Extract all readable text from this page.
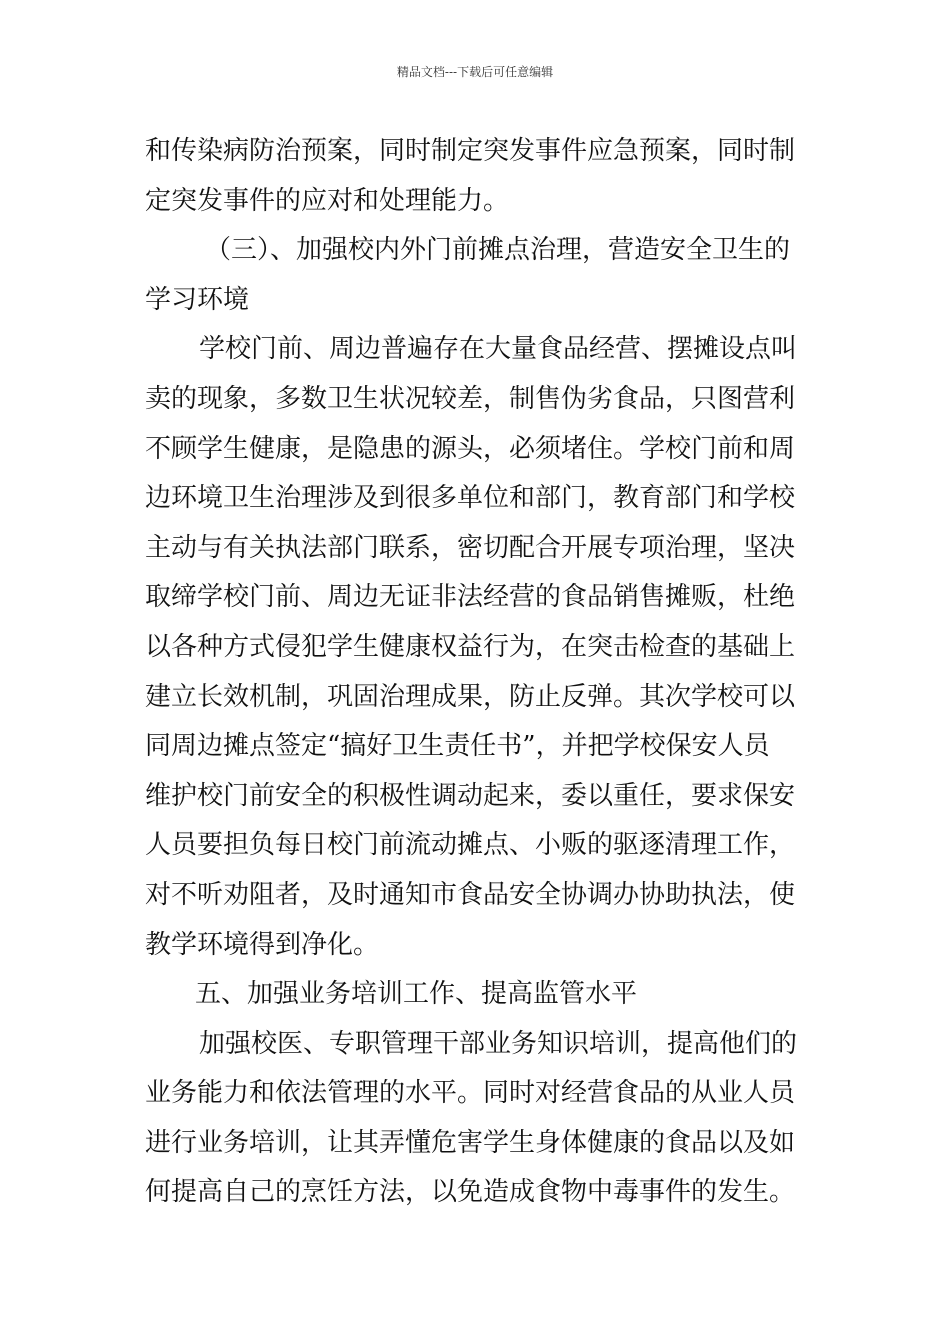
精品文档---下载后可任意编辑
和传染病防治预案，同时制定突发事件应急预案，同时制
定突发事件的应对和处理能力。
（三）、加强校内外门前摊点治理，营造安全卫生的
学习环境
学校门前、周边普遍存在大量食品经营、摆摊设点叫
卖的现象，多数卫生状况较差，制售伪劣食品，只图营利
不顾学生健康，是隐患的源头，必须堵住。学校门前和周
边环境卫生治理涉及到很多单位和部门，教育部门和学校
主动与有关执法部门联系，密切配合开展专项治理，坚决
取缔学校门前、周边无证非法经营的食品销售摊贩，杜绝
以各种方式侵犯学生健康权益行为，在突击检查的基础上
建立长效机制，巩固治理成果，防止反弹。其次学校可以
同周边摊点签定“搞好卫生责任书”，并把学校保安人员
维护校门前安全的积极性调动起来，委以重任，要求保安
人员要担负每日校门前流动摊点、小贩的驱逐清理工作，
对不听劝阻者，及时通知市食品安全协调办协助执法，使
教学环境得到净化。
五、加强业务培训工作、提高监管水平
加强校医、专职管理干部业务知识培训，提高他们的
业务能力和依法管理的水平。同时对经营食品的从业人员
进行业务培训，让其弄懂危害学生身体健康的食品以及如
何提高自己的烹饪方法，以免造成食物中毒事件的发生。
